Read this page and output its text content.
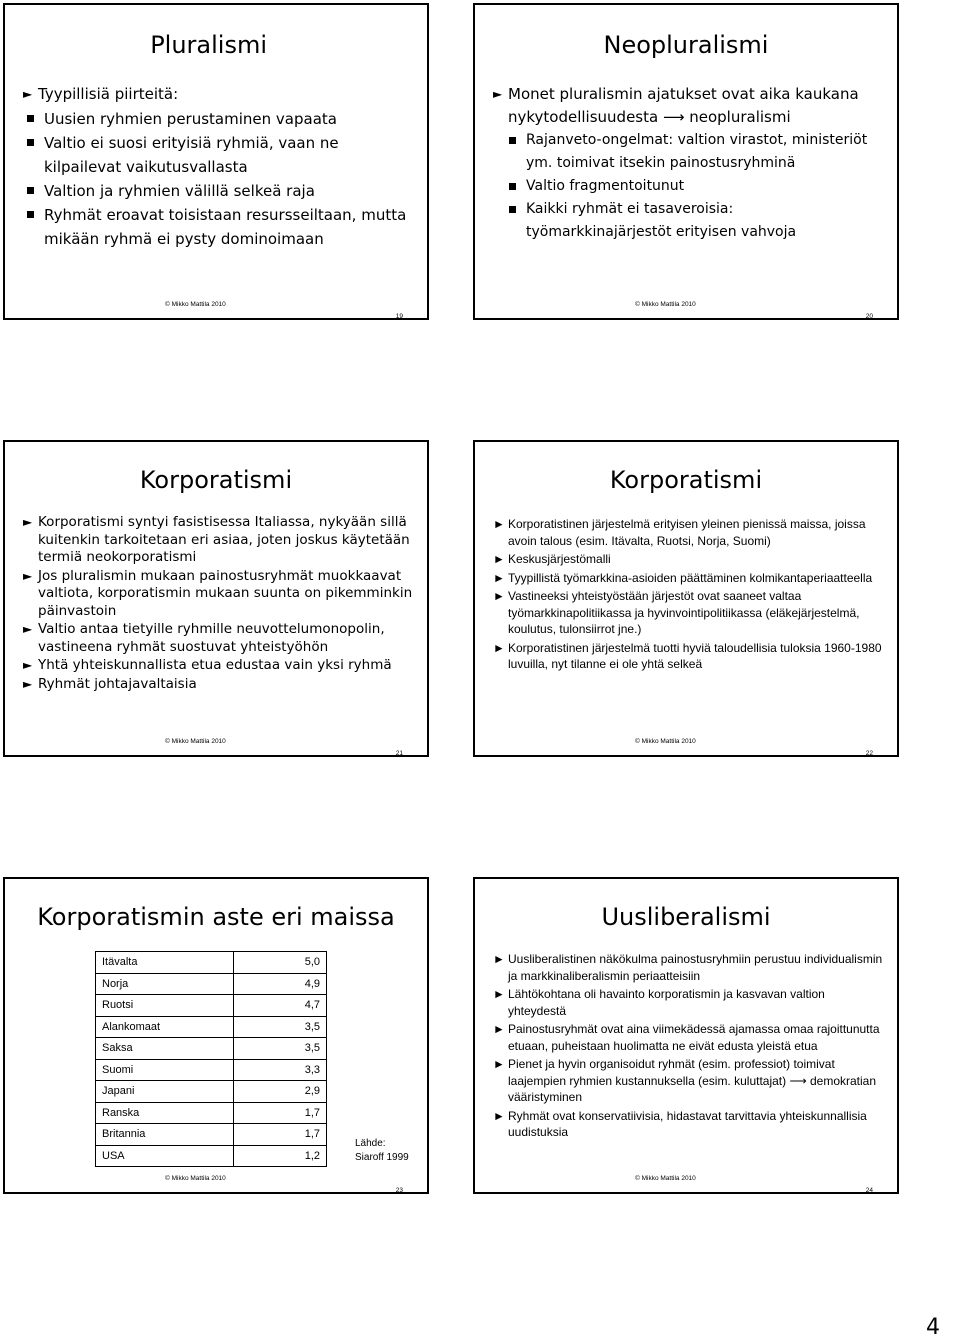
Pluralismi
► Tyypillisiä piirteitä:
Uusien ryhmien perustaminen vapaata
Valtio ei suosi erityisiä ryhmiä, vaan ne kilpailevat vaikutusvallasta
Valtion ja ryhmien välillä selkeä raja
Ryhmät eroavat toisistaan resursseiltaan, mutta mikään ryhmä ei pysty dominoimaan
© Mikko Mattila 2010
19
Neopluralismi
► Monet pluralismin ajatukset ovat aika kaukana nykytodellisuudesta ⟶ neopluralismi
Rajanveto-ongelmat: valtion virastot, ministeriöt ym. toimivat itsekin painostusryhminä
Valtio fragmentoitunut
Kaikki ryhmät ei tasaveroisia: työmarkkinajärjestöt erityisen vahvoja
© Mikko Mattila 2010
20
Korporatismi
► Korporatismi syntyi fasistisessa Italiassa, nykyään sillä kuitenkin tarkoitetaan eri asiaa, joten joskus käytetään termiä neokorporatismi
► Jos pluralismin mukaan painostusryhmät muokkaavat valtiota, korporatismin mukaan suunta on pikemminkin päinvastoin
► Valtio antaa tietyille ryhmille neuvottelumonopolin, vastineena ryhmät suostuvat yhteistyöhön
► Yhtä yhteiskunnallista etua edustaa vain yksi ryhmä
► Ryhmät johtajavaltaisia
© Mikko Mattila 2010
21
Korporatismi
► Korporatistinen järjestelmä erityisen yleinen pienissä maissa, joissa avoin talous (esim. Itävalta, Ruotsi, Norja, Suomi)
► Keskusjärjestömalli
► Tyypillistä työmarkkina-asioiden päättäminen kolmikantaperiaatteella
► Vastineeksi yhteistyöstään järjestöt ovat saaneet valtaa työmarkkinapolitiikassa ja hyvinvointipolitiikassa (eläkejärjestelmä, koulutus, tulonsiirrot jne.)
► Korporatistinen järjestelmä tuotti hyviä taloudellisia tuloksia 1960-1980 luvuilla, nyt tilanne ei ole yhtä selkeä
© Mikko Mattila 2010
22
Korporatismin aste eri maissa
Itävalta	5,0
Norja	4,9
Ruotsi	4,7
Alankomaat	3,5
Saksa	3,5
Suomi	3,3
Japani	2,9
Ranska	1,7
Britannia	1,7
USA	1,2
Lähde:
Siaroff 1999
© Mikko Mattila 2010
23
Uusliberalismi
► Uusliberalistinen näkökulma painostusryhmiin perustuu individualismin ja markkinaliberalismin periaatteisiin
► Lähtökohtana oli havainto korporatismin ja kasvavan valtion yhteydestä
► Painostusryhmät ovat aina viimekädessä ajamassa omaa rajoittunutta etuaan, puheistaan huolimatta ne eivät edusta yleistä etua
► Pienet ja hyvin organisoidut ryhmät (esim. professiot) toimivat laajempien ryhmien kustannuksella (esim. kuluttajat) ⟶ demokratian vääristyminen
► Ryhmät ovat konservatiivisia, hidastavat tarvittavia yhteiskunnallisia uudistuksia
© Mikko Mattila 2010
24
4
